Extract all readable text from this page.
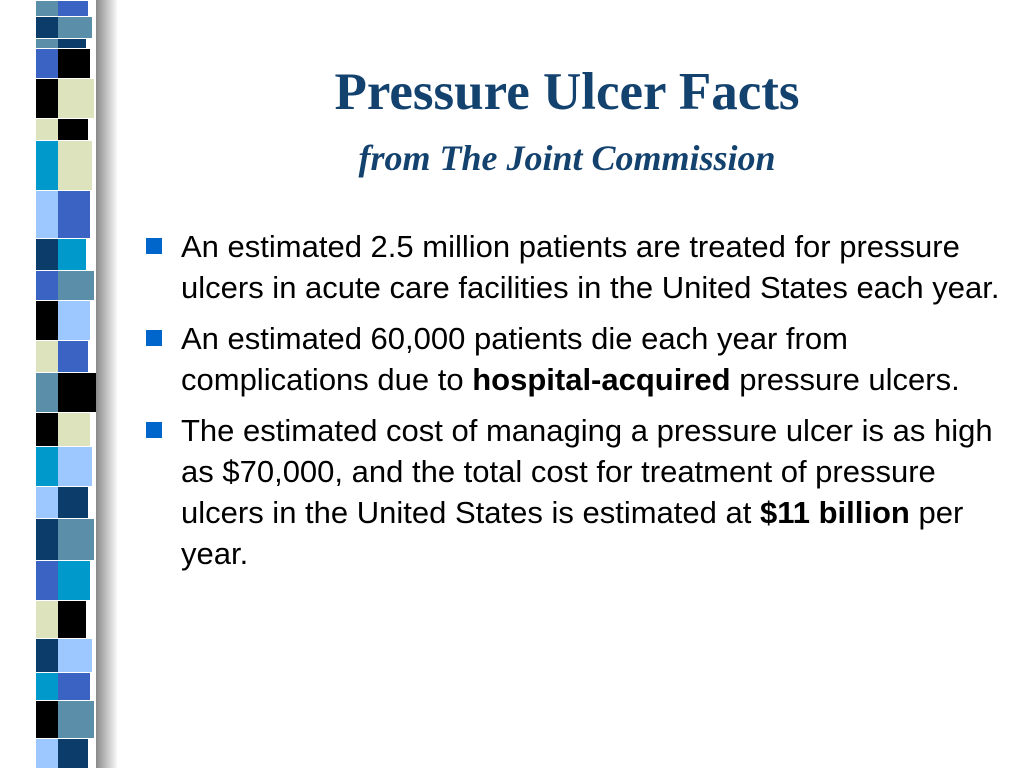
Pressure Ulcer Facts
from The Joint Commission
An estimated 2.5 million patients are treated for pressure ulcers in acute care facilities in the United States each year.
An estimated 60,000 patients die each year from complications due to hospital-acquired pressure ulcers.
The estimated cost of managing a pressure ulcer is as high as $70,000, and the total cost for treatment of pressure ulcers in the United States is estimated at $11 billion per year.
